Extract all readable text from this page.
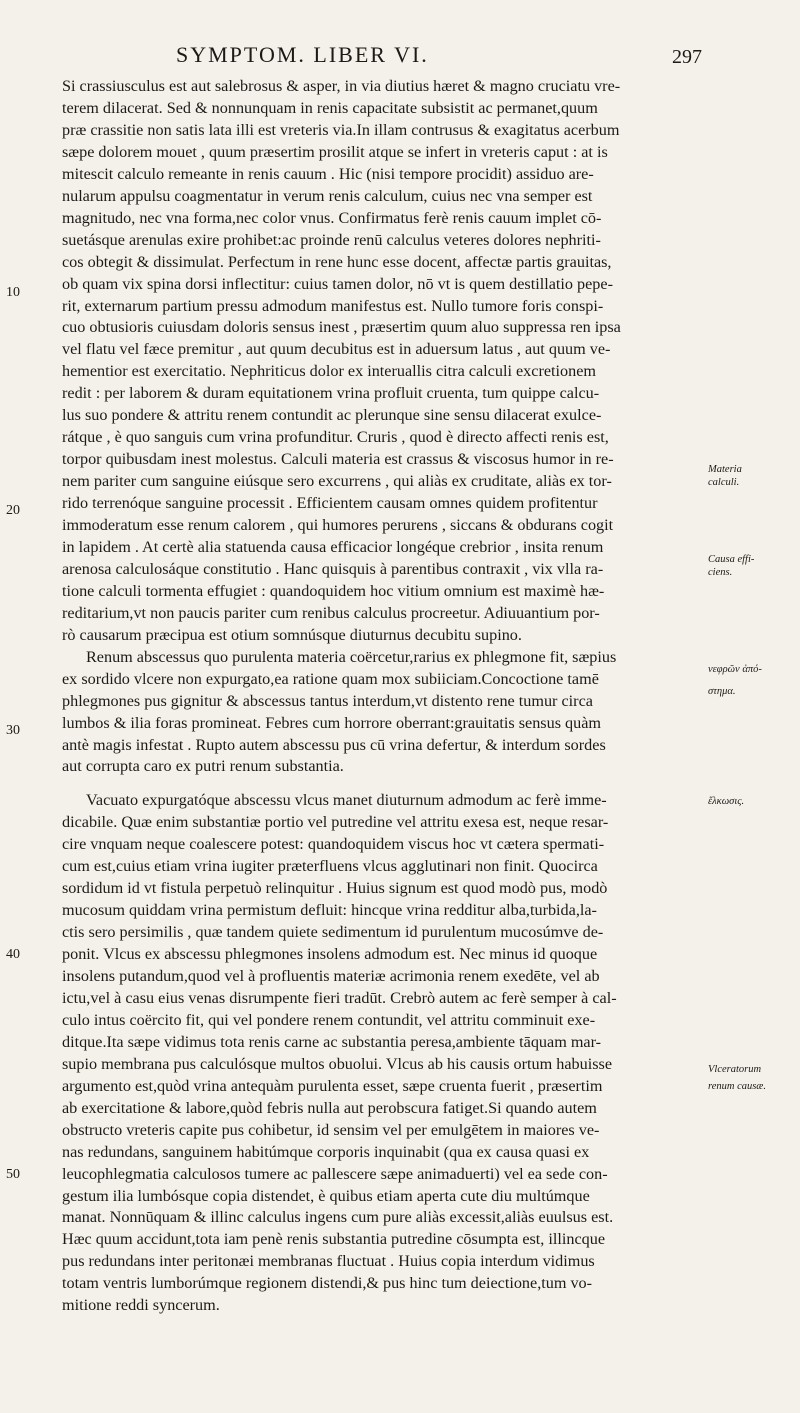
SYMPTOM. LIBER VI.	297
Si crassiusculus est aut salebrosus & asper, in via diutius hæret & magno cruciatu vre-
terem dilacerat. Sed & nonnunquam in renis capacitate subsistit ac permanet,quum
præ crassitie non satis lata illi est vreteris via.In illam contrusus & exagitatus acerbum
sæpe dolorem mouet , quum præsertim prosilit atque se infert in vreteris caput : at is
mitescit calculo remeante in renis cauum . Hic (nisi tempore procidit) assiduo are-
nularum appulsu coagmentatur in verum renis calculum, cuius nec vna semper est
magnitudo, nec vna forma,nec color vnus. Confirmatus ferè renis cauum implet cō-
suetásque arenulas exire prohibet:ac proinde renū calculus veteres dolores nephriti-
cos obtegit & dissimulat. Perfectum in rene hunc esse docent, affectæ partis grauitas,
ob quam vix spina dorsi inflectitur: cuius tamen dolor, nō vt is quem destillatio pepe-
rit, externarum partium pressu admodum manifestus est. Nullo tumore foris conspi-
cuo obtusioris cuiusdam doloris sensus inest , præsertim quum aluo suppressa ren ipsa
vel flatu vel fæce premitur , aut quum decubitus est in aduersum latus , aut quum ve-
hementior est exercitatio. Nephriticus dolor ex interuallis citra calculi excretionem
redit : per laborem & duram equitationem vrina profluit cruenta, tum quippe calcu-
lus suo pondere & attritu renem contundit ac plerunque sine sensu dilacerat exulce-
rátque , è quo sanguis cum vrina profunditur. Cruris , quod è directo affecti renis est,
torpor quibusdam inest molestus. Calculi materia est crassus & viscosus humor in re-
nem pariter cum sanguine eiúsque sero excurrens , qui aliàs ex cruditate, aliàs ex tor-
rido terrenóque sanguine processit . Efficientem causam omnes quidem profitentur
immoderatum esse renum calorem , qui humores perurens , siccans & obdurans cogit
in lapidem . At certè alia statuenda causa efficacior longéque crebrior , insita renum
arenosa calculosáque constitutio . Hanc quisquis à parentibus contraxit , vix vlla ra-
tione calculi tormenta effugiet : quandoquidem hoc vitium omnium est maximè hæ-
reditarium,vt non paucis pariter cum renibus calculus procreetur. Adiuuantium por-
rò causarum præcipua est otium somnúsque diuturnus decubitu supino.
Renum abscessus quo purulenta materia coërcetur,rarius ex phlegmone fit, sæpius
ex sordido vlcere non expurgato,ea ratione quam mox subiiciam.Concoctione tamē
phlegmones pus gignitur & abscessus tantus interdum,vt distento rene tumur circa
lumbos & ilia foras promineat. Febres cum horrore oberrant:grauitatis sensus quàm
antè magis infestat . Rupto autem abscessu pus cū vrina defertur, & interdum sordes
aut corrupta caro ex putri renum substantia.
Vacuato expurgatóque abscessu vlcus manet diuturnum admodum ac ferè imme-
dicabile. Quæ enim substantiæ portio vel putredine vel attritu exesa est, neque resar-
cire vnquam neque coalescere potest: quandoquidem viscus hoc vt cætera spermati-
cum est,cuius etiam vrina iugiter præterfluens vlcus agglutinari non finit. Quocirca
sordidum id vt fistula perpetuò relinquitur . Huius signum est quod modò pus, modò
mucosum quiddam vrina permistum defluit: hincque vrina redditur alba,turbida,la-
ctis sero persimilis , quæ tandem quiete sedimentum id purulentum mucosúmve de-
ponit. Vlcus ex abscessu phlegmones insolens admodum est. Nec minus id quoque
insolens putandum,quod vel à profluentis materiæ acrimonia renem exedēte, vel ab
ictu,vel à casu eius venas disrumpente fieri tradūt. Crebrò autem ac ferè semper à cal-
culo intus coërcito fit, qui vel pondere renem contundit, vel attritu comminuit exe-
ditque.Ita sæpe vidimus tota renis carne ac substantia peresa,ambiente tāquam mar-
supio membrana pus calculósque multos obuolui. Vlcus ab his causis ortum habuisse
argumento est,quòd vrina antequàm purulenta esset, sæpe cruenta fuerit , præsertim
ab exercitatione & labore,quòd febris nulla aut perobscura fatiget.Si quando autem
obstructo vreteris capite pus cohibetur, id sensim vel per emulgētem in maiores ve-
nas redundans, sanguinem habitúmque corporis inquinabit (qua ex causa quasi ex
leucophlegmatia calculosos tumere ac pallescere sæpe animaduerti) vel ea sede con-
gestum ilia lumbósque copia distendet, è quibus etiam aperta cute diu multúmque
manat. Nonnūquam & illinc calculus ingens cum pure aliàs excessit,aliàs euulsus est.
Hæc quum accidunt,tota iam penè renis substantia putredine cōsumpta est, illincque
pus redundans inter peritonæi membranas fluctuat . Huius copia interdum vidimus
totam ventris lumborúmque regionem distendi,& pus hinc tum deiectione,tum vo-
mitione reddi syncerum.
10
20
30
40
50
Materia
calculi.
Causa effi-
ciens.
νεφρῶν ἀπό-
στημα.
ἕλκωσις.
Vlceratorum
renum causæ.
